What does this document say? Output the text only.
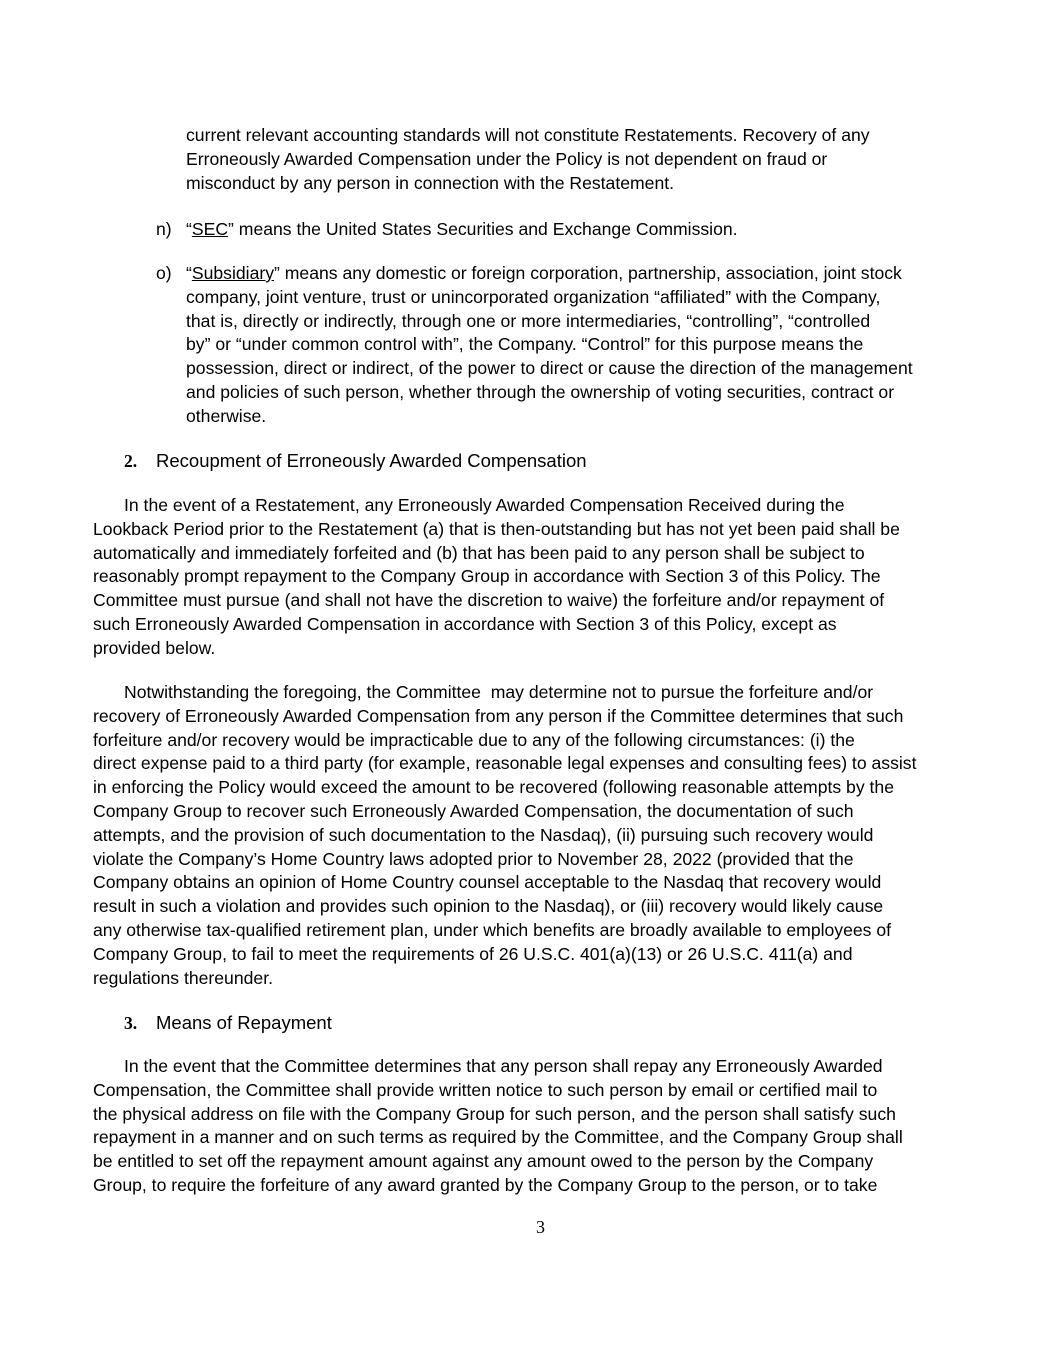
current relevant accounting standards will not constitute Restatements. Recovery of any
Erroneously Awarded Compensation under the Policy is not dependent on fraud or
misconduct by any person in connection with the Restatement.

n) “SEC” means the United States Securities and Exchange Commission.

o) “Subsidiary” means any domestic or foreign corporation, partnership, association, joint stock
company, joint venture, trust or unincorporated organization “affiliated” with the Company,
that is, directly or indirectly, through one or more intermediaries, “controlling”, “controlled
by” or “under common control with”, the Company. “Control” for this purpose means the
possession, direct or indirect, of the power to direct or cause the direction of the management
and policies of such person, whether through the ownership of voting securities, contract or
otherwise.

2. Recoupment of Erroneously Awarded Compensation

In the event of a Restatement, any Erroneously Awarded Compensation Received during the
Lookback Period prior to the Restatement (a) that is then-outstanding but has not yet been paid shall be
automatically and immediately forfeited and (b) that has been paid to any person shall be subject to
reasonably prompt repayment to the Company Group in accordance with Section 3 of this Policy. The
Committee must pursue (and shall not have the discretion to waive) the forfeiture and/or repayment of
such Erroneously Awarded Compensation in accordance with Section 3 of this Policy, except as
provided below.

Notwithstanding the foregoing, the Committee  may determine not to pursue the forfeiture and/or
recovery of Erroneously Awarded Compensation from any person if the Committee determines that such
forfeiture and/or recovery would be impracticable due to any of the following circumstances: (i) the
direct expense paid to a third party (for example, reasonable legal expenses and consulting fees) to assist
in enforcing the Policy would exceed the amount to be recovered (following reasonable attempts by the
Company Group to recover such Erroneously Awarded Compensation, the documentation of such
attempts, and the provision of such documentation to the Nasdaq), (ii) pursuing such recovery would
violate the Company’s Home Country laws adopted prior to November 28, 2022 (provided that the
Company obtains an opinion of Home Country counsel acceptable to the Nasdaq that recovery would
result in such a violation and provides such opinion to the Nasdaq), or (iii) recovery would likely cause
any otherwise tax-qualified retirement plan, under which benefits are broadly available to employees of
Company Group, to fail to meet the requirements of 26 U.S.C. 401(a)(13) or 26 U.S.C. 411(a) and
regulations thereunder.

3. Means of Repayment

In the event that the Committee determines that any person shall repay any Erroneously Awarded
Compensation, the Committee shall provide written notice to such person by email or certified mail to
the physical address on file with the Company Group for such person, and the person shall satisfy such
repayment in a manner and on such terms as required by the Committee, and the Company Group shall
be entitled to set off the repayment amount against any amount owed to the person by the Company
Group, to require the forfeiture of any award granted by the Company Group to the person, or to take

3
